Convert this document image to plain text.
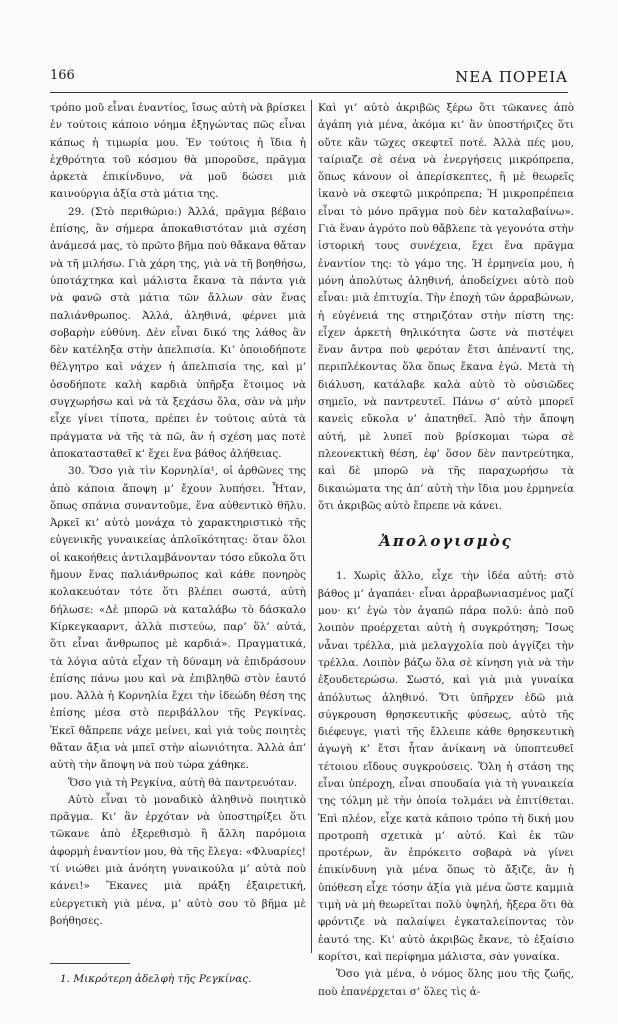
166	ΝΕΑ ΠΟΡΕΙΑ

τρόπο μοῦ εἶναι ἐναντίος, ἴσως αὐτὴ νὰ βρίσκει ἐν τούτοις κάποιο νόημα ἐξηγώντας πῶς εἶναι κάπως ἡ τιμωρία μου. Ἐν τούτοις ἡ ἴδια ἡ ἐχθρότητα τοῦ κόσμου θὰ μποροῦσε, πρᾶγμα ἀρκετὰ ἐπικίνδυνο, νὰ μοῦ δώσει μιὰ καινούργια ἀξία στὰ μάτια της.

29. (Στὸ περιθώριο:) Ἀλλά, πρᾶγμα βέβαιο ἐπίσης, ἂν σήμερα ἀποκαθιστόταν μιὰ σχέση ἀνάμεσά μας, τὸ πρῶτο βῆμα ποὺ θἄκανα θἄταν νὰ τῆ μιλήσω. Γιὰ χάρη της, γιὰ νὰ τῆ βοηθήσω, ὑποτάχτηκα καὶ μάλιστα ἔκανα τὰ πάντα γιὰ νὰ φανῶ στὰ μάτια τῶν ἄλλων σὰν ἕνας παλιάνθρωπος. Ἀλλά, ἀληθινά, φέρνει μιὰ σοβαρὴν εὐθύνη. Δὲν εἶναι δικό της λάθος ἂν δὲν κατέληξα στὴν ἀπελπισία. Κι’ ὁποιοδήποτε θέλγητρο καὶ νάχεν ἡ ἀπελπισία της, καὶ μ’ ὁσοδήποτε καλὴ καρδιὰ ὑπῆρξα ἕτοιμος νὰ συγχωρήσω καὶ νὰ τὰ ξεχάσω ὅλα, σὰν νὰ μὴν εἶχε γίνει τίποτα, πρέπει ἐν τούτοις αὐτὰ τὰ πράγματα νὰ τῆς τὰ πῶ, ἂν ἡ σχέση μας ποτὲ ἀποκατασταθεῖ κ’ ἔχει ἕνα βάθος ἀλήθειας.

30. Ὅσο γιὰ τὶν Κορνηλία¹, οἱ ἀρθῶνες της ἀπὸ κάποια ἄποψη μ’ ἔχουν λυπήσει. Ἦταν, ὅπως σπάνια συναντοῦμε, ἕνα αὐθεντικὸ θῆλυ. Ἀρκεῖ κι’ αὐτὸ μονάχα τὸ χαρακτηριστικὸ τῆς εὐγενικῆς γυναικείας ἀπλοϊκότητας: ὅταν ὅλοι οἱ κακοήθεις ἀντιλαμβάνονταν τόσο εὔκολα ὅτι ἤμουν ἕνας παλιάνθρωπος καὶ κάθε πονηρὸς κολακευόταν τότε ὅτι βλέπει σωστά, αὐτὴ δήλωσε: «Δὲ μπορῶ νὰ καταλάβω τὸ δάσκαλο Κίρκεγκααρντ, ἀλλὰ πιστεύω, παρ’ ὅλ’ αὐτά, ὅτι εἶναι ἄνθρωπος μὲ καρδιά». Πραγματικά, τὰ λόγια αὐτὰ εἶχαν τὴ δύναμη νὰ ἐπιδράσουν ἐπίσης πάνω μου καὶ νὰ ἐπιβληθῶ στὸν ἑαυτό μου. Ἀλλὰ ἡ Κορνηλία ἔχει τὴν ἰδεώδη θέση της ἐπίσης μέσα στὸ περιβάλλον τῆς Ρεγκίνας. Ἐκεῖ θἄπρεπε νάχε μείνει, καὶ γιὰ τοὺς ποιητὲς θἄταν ἄξια νὰ μπεῖ στὴν αἰωνιότητα. Ἀλλὰ ἀπ’ αὐτὴ τὴν ἄποψη νὰ ποὺ τώρα χάθηκε.

Ὅσο γιὰ τὴ Ρεγκίνα, αὐτὴ θὰ παντρευόταν.

Αὐτὸ εἶναι τὸ μοναδικὸ ἀληθινὸ ποιητικὸ πρᾶγμα. Κι’ ἂν ἐρχόταν νὰ ὑποστηρίξει ὅτι τῶκανε ἀπὸ ἐξερεθισμὸ ἢ ἄλλη παρόμοια ἀφορμὴ ἐναντίον μου, θὰ τῆς ἔλεγα: «Φλυαρίες! τί νιώθει μιὰ ἀνόητη γυναικούλα μ’ αὐτὰ ποὺ κάνει!» Ἔκανες μιὰ πράξη ἐξαιρετική, εὐεργετικὴ γιὰ μένα, μ’ αὐτὸ σου τὸ βῆμα μὲ βοήθησες.

Καὶ γι’ αὐτὸ ἀκριβῶς ξέρω ὅτι τῶκανες ἀπὸ ἀγάπη γιὰ μένα, ἀκόμα κι’ ἂν ὑποστήριζες ὅτι οὔτε κἂν τῶχες σκεφτεῖ ποτέ. Ἀλλὰ πές μου, ταίριαζε σὲ σένα νὰ ἐνεργήσεις μικρόπρεπα, ὅπως κάνουν οἱ ἀπερίσκεπτες, ἢ μὲ θεωρεῖς ἱκανὸ νὰ σκεφτῶ μικρόπρεπα; Ἡ μικροπρέπεια εἶναι τὸ μόνο πρᾶγμα ποὺ δὲν καταλαβαίνω». Γιὰ ἕναν ἀγρότο ποὺ θἄβλεπε τὰ γεγονότα στὴν ἱστορική τους συνέχεια, ἔχει ἕνα πρᾶγμα ἐναντίον της: τὸ γάμο της. Ἡ ἑρμηνεία μου, ἡ μόνη ἀπολύτως ἀληθινή, ἀποδείχνει αὐτὸ ποὺ εἶναι: μιὰ ἐπιτυχία. Τὴν ἐποχὴ τῶν ἀρραβώνων, ἡ εὐγένειά της στηριζόταν στὴν πίστη της: εἶχεν ἀρκετὴ θηλικότητα ὥστε νὰ πιστέψει ἕναν ἄντρα ποὺ φερόταν ἔτσι ἀπέναντί της, περιπλέκοντας ὅλα ὅπως ἔκανα ἐγώ. Μετὰ τὴ διάλυση, κατάλαβε καλὰ αὐτὸ τὸ οὐσιῶδες σημεῖο, νὰ παντρευτεῖ. Πάνω σ’ αὐτὸ μπορεῖ κανεὶς εὔκολα ν’ ἀπατηθεῖ. Ἀπὸ τὴν ἄποψη αὐτή, μὲ λυπεῖ ποὺ βρίσκομαι τώρα σὲ πλεονεκτικὴ θέση, ἐφ’ ὅσον δὲν παντρεύτηκα, καὶ δὲ μπορῶ νὰ τῆς παραχωρήσω τὰ δικαιώματα της ἀπ’ αὐτὴ τὴν ἴδια μου ἑρμηνεία ὅτι ἀκριβῶς αὐτὸ ἔπρεπε νὰ κάνει.

Ἀπολογισμὸς

1. Χωρὶς ἄλλο, εἶχε τὴν ἰδέα αὐτή: στὸ βάθος μ’ ἀγαπάει· εἶναι ἀρραβωνιασμένος μαζί μου· κι’ ἐγὼ τὸν ἀγαπῶ πάρα πολύ: ἀπὸ ποῦ λοιπὸν προέρχεται αὐτὴ ἡ συγκρότηση; Ἴσως νἆναι τρέλλα, μιὰ μελαγχολία ποὺ ἀγγίζει τὴν τρέλλα. Λοιπὸν βάζω ὅλα σὲ κίνηση γιὰ νὰ τὴν ἐξουδετερώσω. Σωστό, καὶ γιὰ μιὰ γυναίκα ἀπόλυτως ἀληθινό. Ὅτι ὑπῆρχεν ἐδῶ μιὰ σύγκρουση θρησκευτικῆς φύσεως, αὐτὸ τῆς διέφευγε, γιατὶ τῆς ἔλλειπε κάθε θρησκευτικὴ ἀγωγὴ κ’ ἔτσι ἦταν ἀνίκανη νὰ ὑποπτευθεῖ τέτοιου εἴδους συγκρούσεις. Ὅλη ἡ στάση της εἶναι ὑπέροχη, εἶναι σπουδαία γιὰ τὴ γυναικεία της τόλμη μὲ τὴν ὁποία τολμάει νὰ ἐπιτίθεται. Ἐπὶ πλέον, εἶχε κατὰ κάποιο τρόπο τὴ δική μου προτροπὴ σχετικὰ μ’ αὐτό. Καὶ ἐκ τῶν προτέρων, ἂν ἐπρόκειτο σοβαρὰ νὰ γίνει ἐπικίνδυνη γιὰ μένα ὅπως τὸ ἄξιζε, ἂν ἡ ὑπόθεση εἶχε τόσην ἀξία γιὰ μένα ὥστε καμμιὰ τιμὴ νὰ μὴ θεωρεῖται πολὺ ὑψηλή, ἤξερα ὅτι θὰ φρόντιζε νὰ παλαίψει ἐγκαταλείποντας τὸν ἑαυτό της. Κι’ αὐτὸ ἀκριβῶς ἔκανε, τὸ ἐξαίσιο κορίτσι, καὶ περίφημα μάλιστα, σὰν γυναίκα.

Ὅσο γιὰ μένα, ὁ νόμος ὅλης μου τῆς ζωῆς, ποὺ ἐπανέρχεται σ’ ὅλες τὶς ἀ-

1. Μικρότερη ἀδελφὴ τῆς Ρεγκίνας.
